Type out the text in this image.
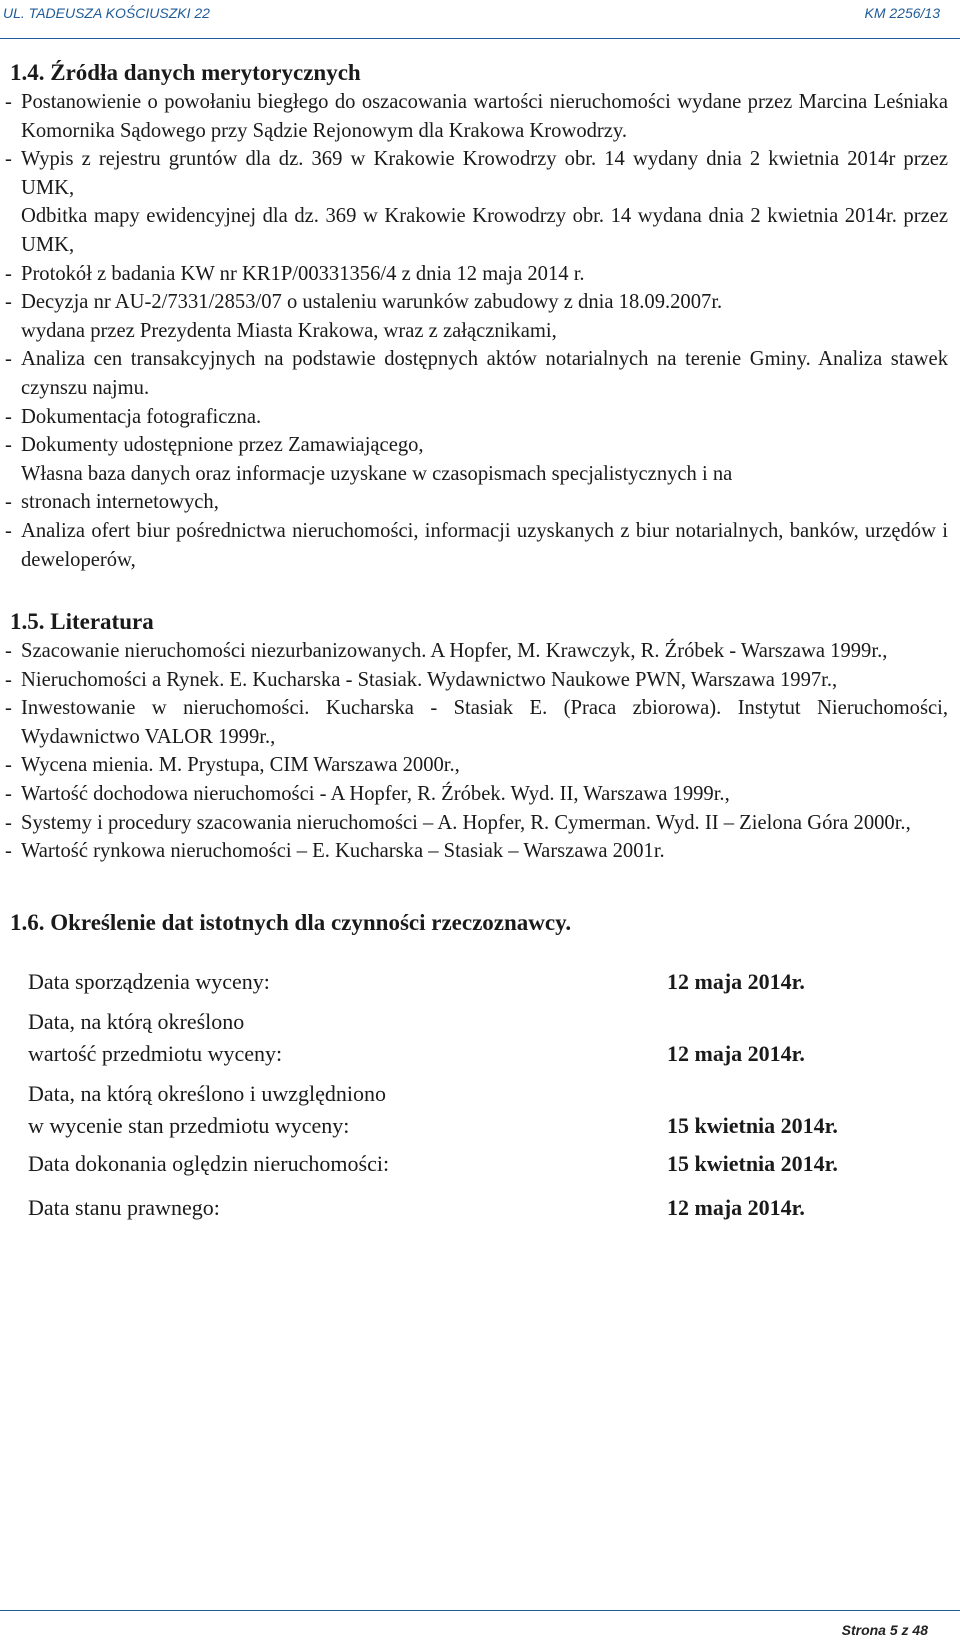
UL. TADEUSZA KOŚCIUSZKI 22	KM 2256/13
1.4. Źródła danych merytorycznych
- Postanowienie o powołaniu biegłego do oszacowania wartości nieruchomości wydane przez Marcina Leśniaka Komornika Sądowego przy Sądzie Rejonowym dla Krakowa Krowodrzy.
- Wypis z rejestru gruntów dla dz. 369 w Krakowie Krowodrzy obr. 14 wydany dnia 2 kwietnia 2014r przez UMK,
Odbitka mapy ewidencyjnej dla dz. 369 w Krakowie Krowodrzy obr. 14 wydana dnia 2 kwietnia 2014r. przez UMK,
- Protokół z badania KW nr KR1P/00331356/4 z dnia 12 maja 2014 r.
- Decyzja nr AU-2/7331/2853/07 o ustaleniu warunków zabudowy z dnia 18.09.2007r.
wydana przez Prezydenta Miasta Krakowa, wraz z załącznikami,
- Analiza cen transakcyjnych na podstawie dostępnych aktów notarialnych na terenie Gminy. Analiza stawek czynszu najmu.
- Dokumentacja fotograficzna.
- Dokumenty udostępnione przez Zamawiającego,
Własna baza danych oraz informacje uzyskane w czasopismach specjalistycznych i na
- stronach internetowych,
- Analiza ofert biur pośrednictwa nieruchomości, informacji uzyskanych z biur notarialnych, banków, urzędów i deweloperów,
1.5. Literatura
- Szacowanie nieruchomości niezurbanizowanych. A Hopfer, M. Krawczyk, R. Źróbek - Warszawa 1999r.,
- Nieruchomości a Rynek. E. Kucharska - Stasiak. Wydawnictwo Naukowe PWN, Warszawa 1997r.,
- Inwestowanie w nieruchomości. Kucharska - Stasiak E. (Praca zbiorowa). Instytut Nieruchomości, Wydawnictwo VALOR 1999r.,
- Wycena mienia. M. Prystupa, CIM Warszawa 2000r.,
- Wartość dochodowa nieruchomości - A Hopfer, R. Źróbek. Wyd. II, Warszawa 1999r.,
- Systemy i procedury szacowania nieruchomości – A. Hopfer, R. Cymerman. Wyd. II – Zielona Góra 2000r.,
- Wartość rynkowa nieruchomości – E. Kucharska – Stasiak – Warszawa 2001r.
1.6. Określenie dat istotnych dla czynności rzeczoznawcy.
Data sporządzenia wyceny:	12 maja 2014r.
Data, na którą określono
wartość przedmiotu wyceny:	12 maja 2014r.
Data, na którą określono i uwzględniono
w wycenie stan przedmiotu wyceny:	15 kwietnia 2014r.
Data dokonania oględzin nieruchomości:	15 kwietnia 2014r.
Data stanu prawnego:	12 maja 2014r.
Strona 5 z 48
